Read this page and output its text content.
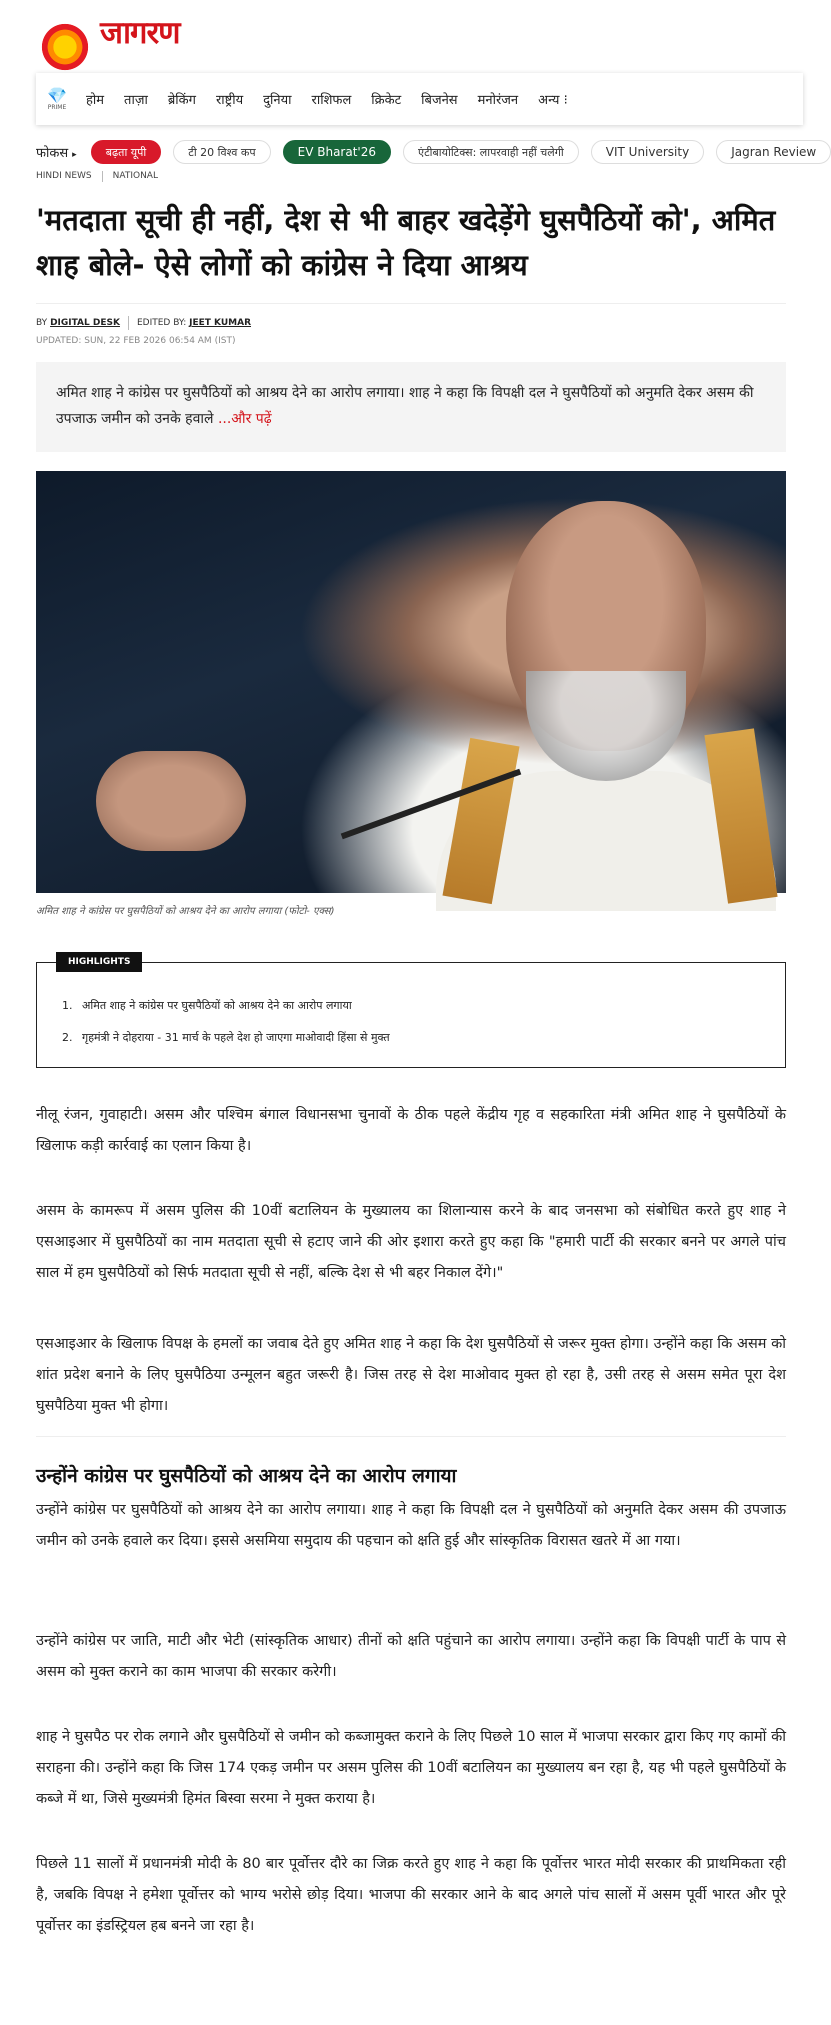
जागरण
💎
PRIME होम ताज़ा ब्रेकिंग राष्ट्रीय दुनिया राशिफल क्रिकेट बिजनेस मनोरंजन अन्य ⁝
फोकस ▸	बढ़ता यूपी	टी 20 विश्व कप	EV Bharat'26	एंटीबायोटिक्स: लापरवाही नहीं चलेगी	VIT University	Jagran Review
HINDI NEWS NATIONAL
'मतदाता सूची ही नहीं, देश से भी बाहर खदेड़ेंगे घुसपैठियों को', अमित शाह बोले- ऐसे लोगों को कांग्रेस ने दिया आश्रय
BY DIGITAL DESK EDITED BY: JEET KUMAR
UPDATED: SUN, 22 FEB 2026 06:54 AM (IST)

अमित शाह ने कांग्रेस पर घुसपैठियों को आश्रय देने का आरोप लगाया। शाह ने कहा कि विपक्षी दल ने घुसपैठियों को अनुमति देकर असम की उपजाऊ जमीन को उनके हवाले ...और पढ़ें

अमित शाह ने कांग्रेस पर घुसपैठियों को आश्रय देने का आरोप लगाया (फोटो- एक्स)
HIGHLIGHTS
1. अमित शाह ने कांग्रेस पर घुसपैठियों को आश्रय देने का आरोप लगाया
2. गृहमंत्री ने दोहराया - 31 मार्च के पहले देश हो जाएगा माओवादी हिंसा से मुक्त

नीलू रंजन, गुवाहाटी। असम और पश्चिम बंगाल विधानसभा चुनावों के ठीक पहले केंद्रीय गृह व सहकारिता मंत्री अमित शाह ने घुसपैठियों के खिलाफ कड़ी कार्रवाई का एलान किया है।

असम के कामरूप में असम पुलिस की 10वीं बटालियन के मुख्यालय का शिलान्यास करने के बाद जनसभा को संबोधित करते हुए शाह ने एसआइआर में घुसपैठियों का नाम मतदाता सूची से हटाए जाने की ओर इशारा करते हुए कहा कि "हमारी पार्टी की सरकार बनने पर अगले पांच साल में हम घुसपैठियों को सिर्फ मतदाता सूची से नहीं, बल्कि देश से भी बहर निकाल देंगे।"

एसआइआर के खिलाफ विपक्ष के हमलों का जवाब देते हुए अमित शाह ने कहा कि देश घुसपैठियों से जरूर मुक्त होगा। उन्होंने कहा कि असम को शांत प्रदेश बनाने के लिए घुसपैठिया उन्मूलन बहुत जरूरी है। जिस तरह से देश माओवाद मुक्त हो रहा है, उसी तरह से असम समेत पूरा देश घुसपैठिया मुक्त भी होगा।

उन्होंने कांग्रेस पर घुसपैठियों को आश्रय देने का आरोप लगाया

उन्होंने कांग्रेस पर घुसपैठियों को आश्रय देने का आरोप लगाया। शाह ने कहा कि विपक्षी दल ने घुसपैठियों को अनुमति देकर असम की उपजाऊ जमीन को उनके हवाले कर दिया। इससे असमिया समुदाय की पहचान को क्षति हुई और सांस्कृतिक विरासत खतरे में आ गया।

उन्होंने कांग्रेस पर जाति, माटी और भेटी (सांस्कृतिक आधार) तीनों को क्षति पहुंचाने का आरोप लगाया। उन्होंने कहा कि विपक्षी पार्टी के पाप से असम को मुक्त कराने का काम भाजपा की सरकार करेगी।

शाह ने घुसपैठ पर रोक लगाने और घुसपैठियों से जमीन को कब्जामुक्त कराने के लिए पिछले 10 साल में भाजपा सरकार द्वारा किए गए कामों की सराहना की। उन्होंने कहा कि जिस 174 एकड़ जमीन पर असम पुलिस की 10वीं बटालियन का मुख्यालय बन रहा है, यह भी पहले घुसपैठियों के कब्जे में था, जिसे मुख्यमंत्री हिमंत बिस्वा सरमा ने मुक्त कराया है।

पिछले 11 सालों में प्रधानमंत्री मोदी के 80 बार पूर्वोत्तर दौरे का जिक्र करते हुए शाह ने कहा कि पूर्वोत्तर भारत मोदी सरकार की प्राथमिकता रही है, जबकि विपक्ष ने हमेशा पूर्वोत्तर को भाग्य भरोसे छोड़ दिया। भाजपा की सरकार आने के बाद अगले पांच सालों में असम पूर्वी भारत और पूरे पूर्वोत्तर का इंडस्ट्रियल हब बनने जा रहा है।
